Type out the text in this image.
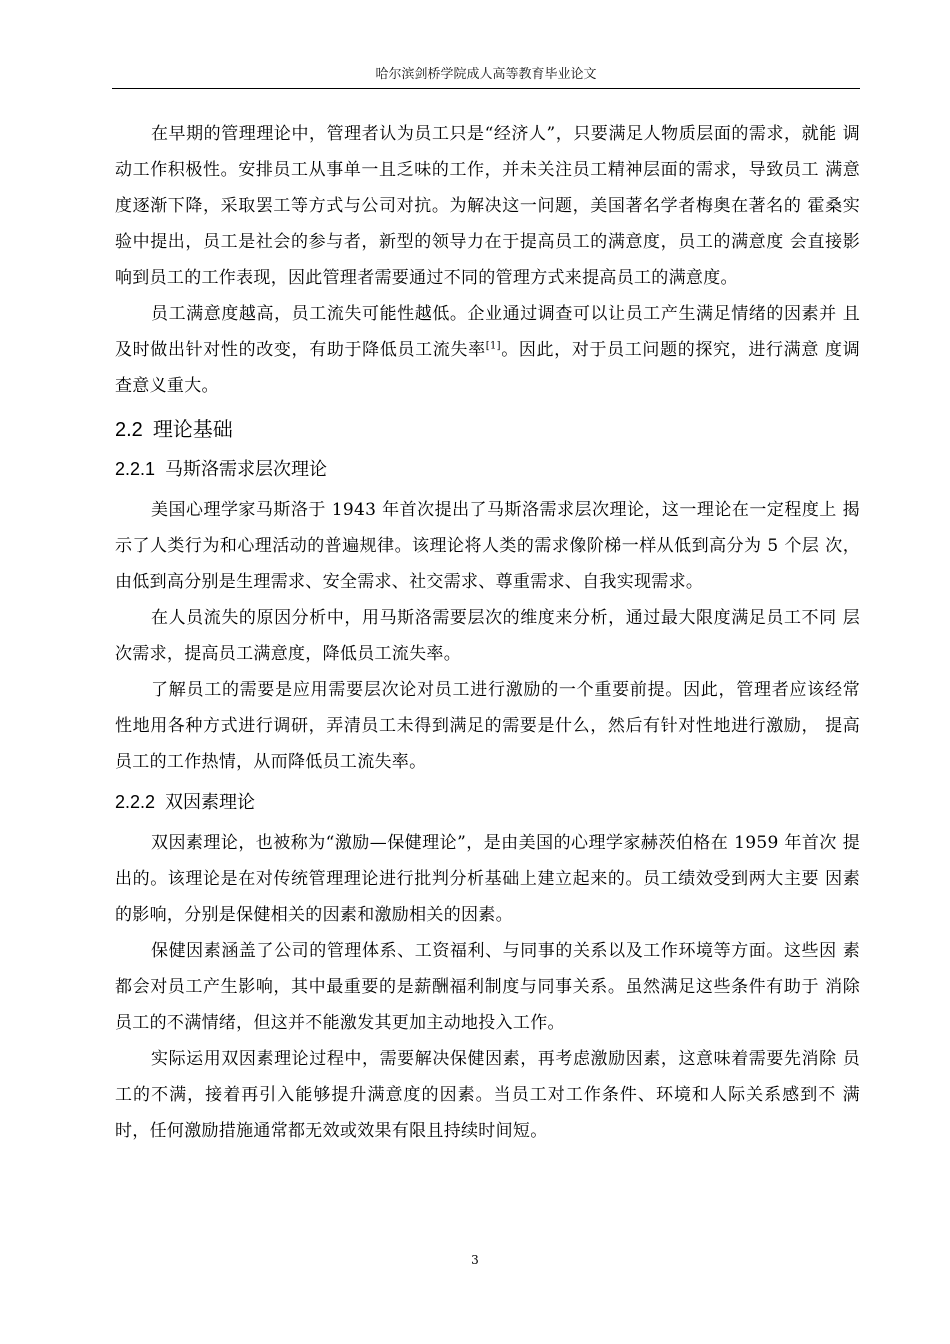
哈尔滨剑桥学院成人高等教育毕业论文

在早期的管理理论中，管理者认为员工只是“经济人”，只要满足人物质层面的需求，就能 调动工作积极性。安排员工从事单一且乏味的工作，并未关注员工精神层面的需求，导致员工 满意度逐渐下降，采取罢工等方式与公司对抗。为解决这一问题，美国著名学者梅奥在著名的 霍桑实验中提出，员工是社会的参与者，新型的领导力在于提高员工的满意度，员工的满意度 会直接影响到员工的工作表现，因此管理者需要通过不同的管理方式来提高员工的满意度。

员工满意度越高，员工流失可能性越低。企业通过调查可以让员工产生满足情绪的因素并 且及时做出针对性的改变，有助于降低员工流失率[1]。因此，对于员工问题的探究，进行满意 度调查意义重大。

2.2 理论基础
2.2.1 马斯洛需求层次理论

美国心理学家马斯洛于 1943 年首次提出了马斯洛需求层次理论，这一理论在一定程度上 揭示了人类行为和心理活动的普遍规律。该理论将人类的需求像阶梯一样从低到高分为 5 个层 次，由低到高分别是生理需求、安全需求、社交需求、尊重需求、自我实现需求。

在人员流失的原因分析中，用马斯洛需要层次的维度来分析，通过最大限度满足员工不同 层次需求，提高员工满意度，降低员工流失率。

了解员工的需要是应用需要层次论对员工进行激励的一个重要前提。因此，管理者应该经常性地用各种方式进行调研，弄清员工未得到满足的需要是什么，然后有针对性地进行激励， 提高员工的工作热情，从而降低员工流失率。

2.2.2 双因素理论

双因素理论，也被称为“激励—保健理论”，是由美国的心理学家赫茨伯格在 1959 年首次 提出的。该理论是在对传统管理理论进行批判分析基础上建立起来的。员工绩效受到两大主要 因素的影响，分别是保健相关的因素和激励相关的因素。

保健因素涵盖了公司的管理体系、工资福利、与同事的关系以及工作环境等方面。这些因 素都会对员工产生影响，其中最重要的是薪酬福利制度与同事关系。虽然满足这些条件有助于 消除员工的不满情绪，但这并不能激发其更加主动地投入工作。

实际运用双因素理论过程中，需要解决保健因素，再考虑激励因素，这意味着需要先消除 员工的不满，接着再引入能够提升满意度的因素。当员工对工作条件、环境和人际关系感到不 满时，任何激励措施通常都无效或效果有限且持续时间短。

3
